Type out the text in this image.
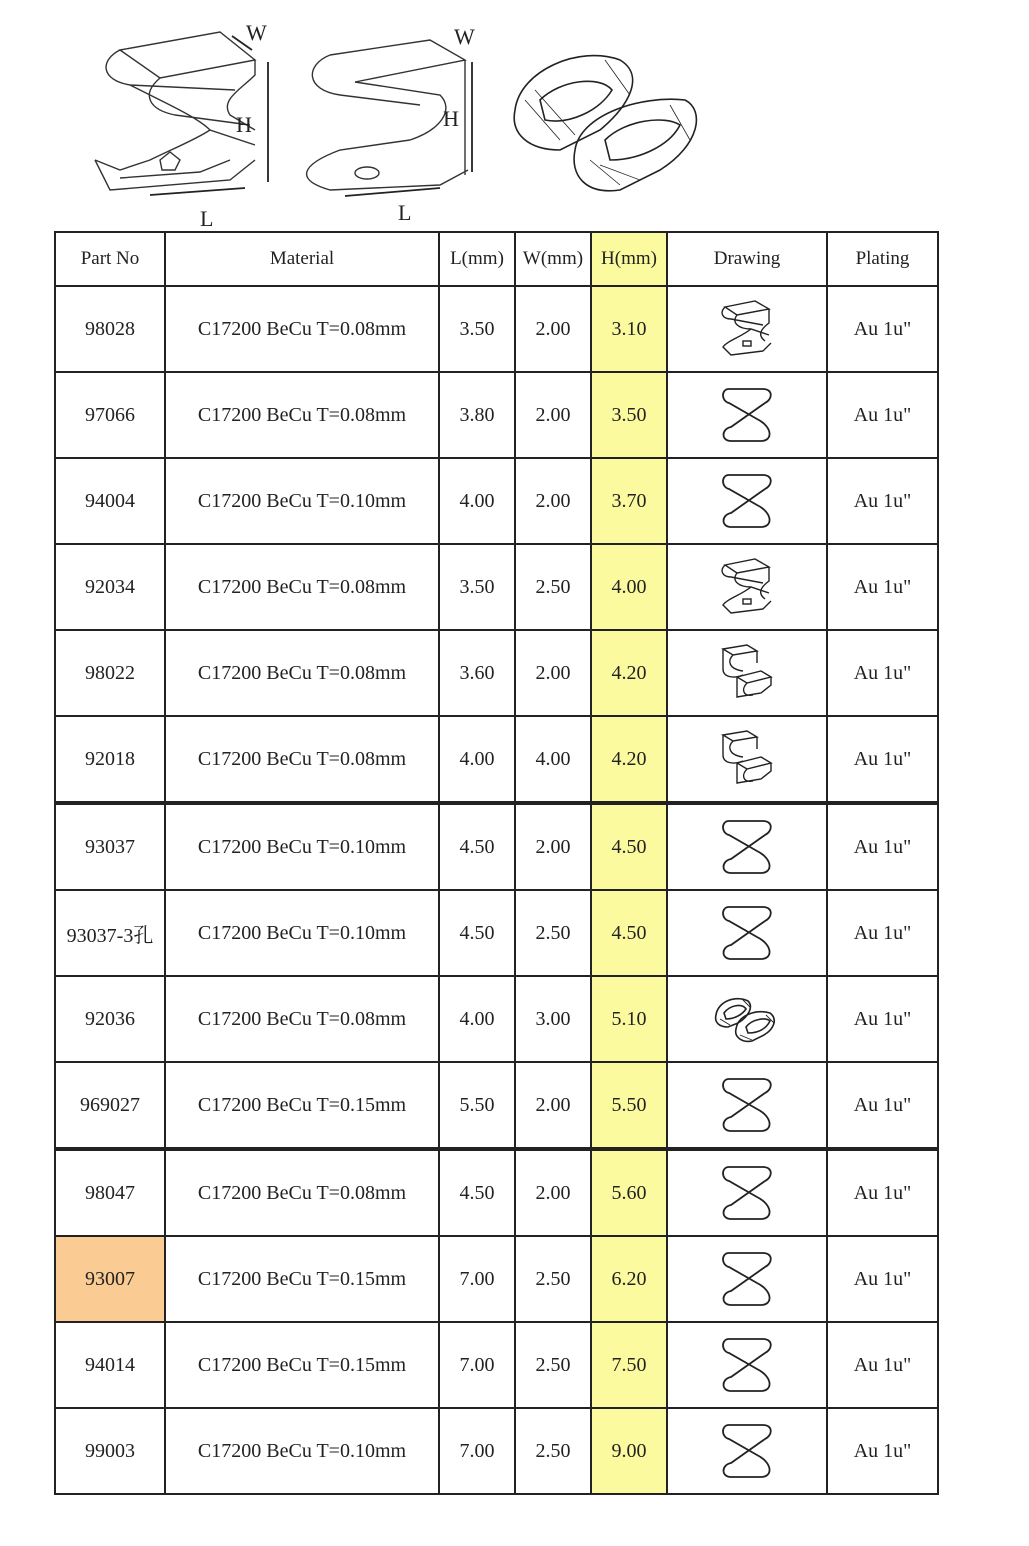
W
H
L
W
H
L
Part No	Material	L(mm)	W(mm)	H(mm)	Drawing	Plating
98028	C17200 BeCu T=0.08mm	3.50	2.00	3.10		Au 1u"
97066	C17200 BeCu T=0.08mm	3.80	2.00	3.50		Au 1u"
94004	C17200 BeCu T=0.10mm	4.00	2.00	3.70		Au 1u"
92034	C17200 BeCu T=0.08mm	3.50	2.50	4.00		Au 1u"
98022	C17200 BeCu T=0.08mm	3.60	2.00	4.20		Au 1u"
92018	C17200 BeCu T=0.08mm	4.00	4.00	4.20		Au 1u"
93037	C17200 BeCu T=0.10mm	4.50	2.00	4.50		Au 1u"
93037-3孔	C17200 BeCu T=0.10mm	4.50	2.50	4.50		Au 1u"
92036	C17200 BeCu T=0.08mm	4.00	3.00	5.10		Au 1u"
969027	C17200 BeCu T=0.15mm	5.50	2.00	5.50		Au 1u"
98047	C17200 BeCu T=0.08mm	4.50	2.00	5.60		Au 1u"
93007	C17200 BeCu T=0.15mm	7.00	2.50	6.20		Au 1u"
94014	C17200 BeCu T=0.15mm	7.00	2.50	7.50		Au 1u"
99003	C17200 BeCu T=0.10mm	7.00	2.50	9.00		Au 1u"
